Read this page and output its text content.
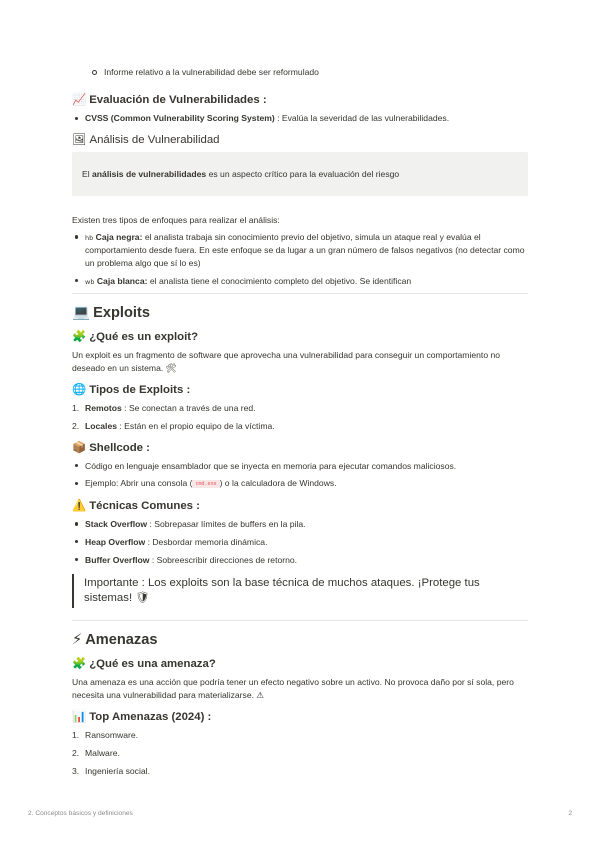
Informe relativo a la vulnerabilidad debe ser reformulado
📈 Evaluación de Vulnerabilidades :
CVSS (Common Vulnerability Scoring System) : Evalúa la severidad de las vulnerabilidades.
🖼 Análisis de Vulnerabilidad
El análisis de vulnerabilidades es un aspecto crítico para la evaluación del riesgo

Existen tres tipos de enfoques para realizar el análisis:

hb Caja negra: el analista trabaja sin conocimiento previo del objetivo, simula un ataque real y evalúa el comportamiento desde fuera. En este enfoque se da lugar a un gran número de falsos negativos (no detectar como un problema algo que sí lo es)
wb Caja blanca: el analista tiene el conocimiento completo del objetivo. Se identifican
💻 Exploits
🧩 ¿Qué es un exploit?

Un exploit es un fragmento de software que aprovecha una vulnerabilidad para conseguir un comportamiento no deseado en un sistema. 🛠

🌐 Tipos de Exploits :
1. Remotos : Se conectan a través de una red.
2. Locales : Están en el propio equipo de la víctima.
📦 Shellcode :
Código en lenguaje ensamblador que se inyecta en memoria para ejecutar comandos maliciosos.
Ejemplo: Abrir una consola ( cmd.exe ) o la calculadora de Windows.
⚠️ Técnicas Comunes :
Stack Overflow : Sobrepasar límites de buffers en la pila.
Heap Overflow : Desbordar memoria dinámica.
Buffer Overflow : Sobreescribir direcciones de retorno.
Importante : Los exploits son la base técnica de muchos ataques. ¡Protege tus sistemas! 🛡
⚡ Amenazas
🧩 ¿Qué es una amenaza?

Una amenaza es una acción que podría tener un efecto negativo sobre un activo. No provoca daño por sí sola, pero necesita una vulnerabilidad para materializarse. ⚠

📊 Top Amenazas (2024) :
1. Ransomware.
2. Malware.
3. Ingeniería social.
2. Conceptos básicos y definiciones	2
